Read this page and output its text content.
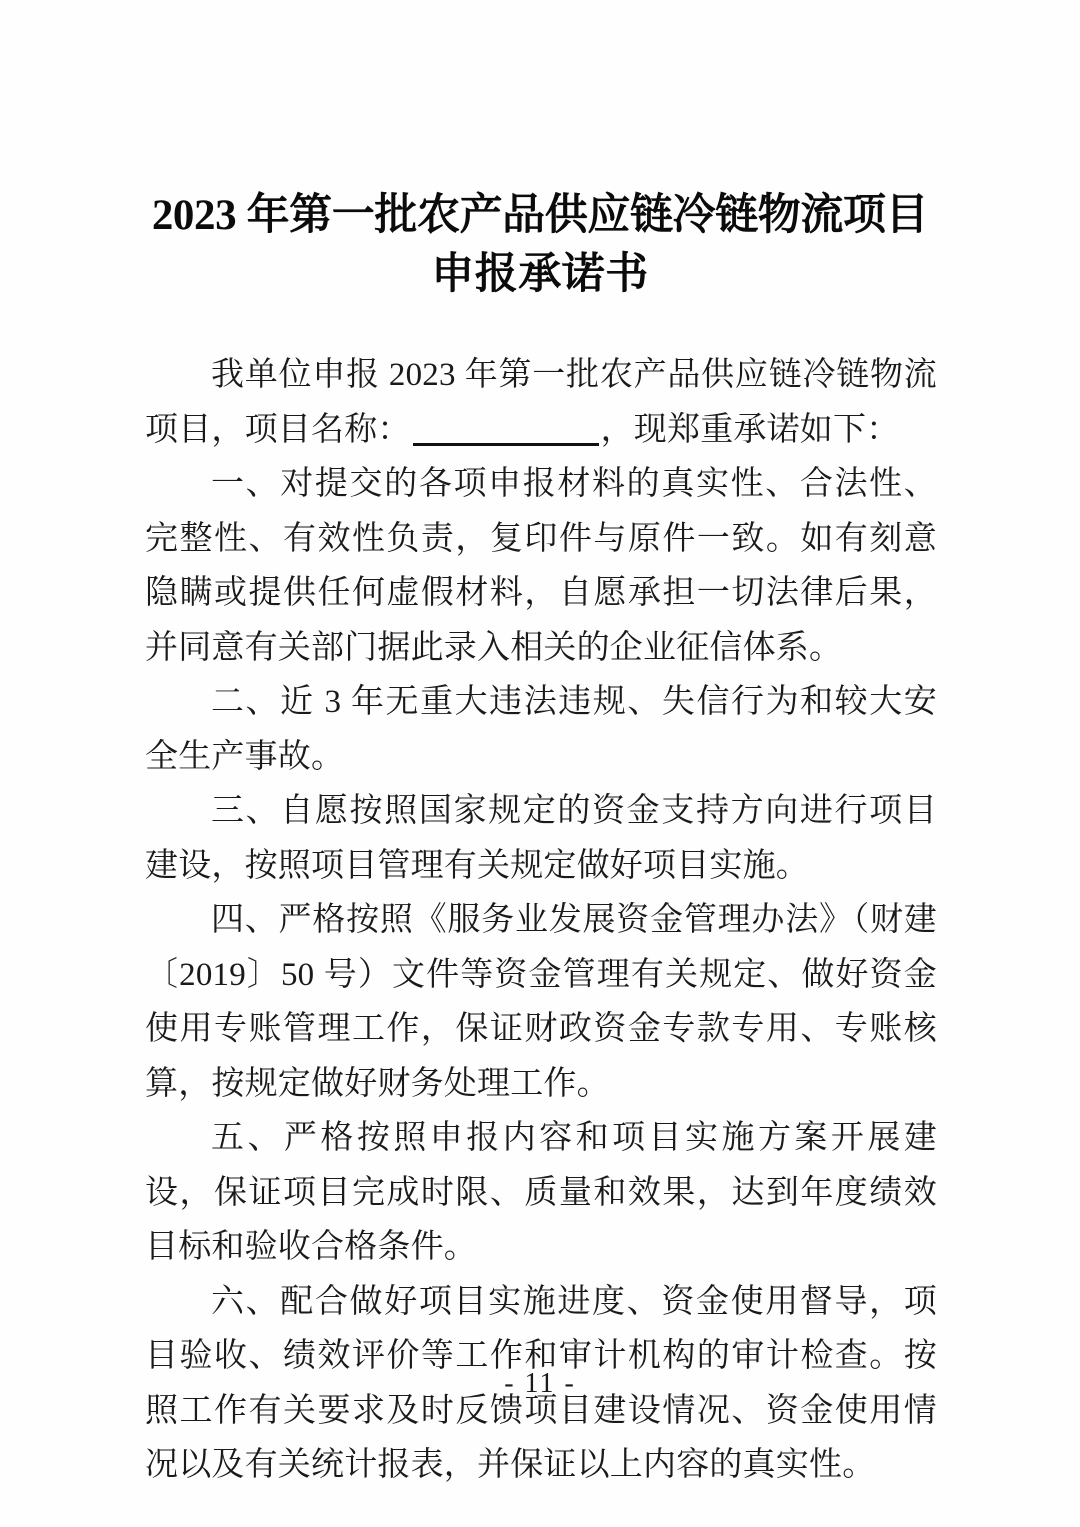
2023 年第一批农产品供应链冷链物流项目
申报承诺书

我单位申报 2023 年第一批农产品供应链冷链物流项目，项目名称：	，现郑重承诺如下：

一、对提交的各项申报材料的真实性、合法性、完整性、有效性负责，复印件与原件一致。如有刻意隐瞒或提供任何虚假材料，自愿承担一切法律后果，并同意有关部门据此录入相关的企业征信体系。

二、近 3 年无重大违法违规、失信行为和较大安全生产事故。

三、自愿按照国家规定的资金支持方向进行项目建设，按照项目管理有关规定做好项目实施。

四、严格按照《服务业发展资金管理办法》（财建〔2019〕50 号）文件等资金管理有关规定、做好资金使用专账管理工作，保证财政资金专款专用、专账核算，按规定做好财务处理工作。

五、严格按照申报内容和项目实施方案开展建设，保证项目完成时限、质量和效果，达到年度绩效目标和验收合格条件。

六、配合做好项目实施进度、资金使用督导，项目验收、绩效评价等工作和审计机构的审计检查。按照工作有关要求及时反馈项目建设情况、资金使用情况以及有关统计报表，并保证以上内容的真实性。

- 11 -
